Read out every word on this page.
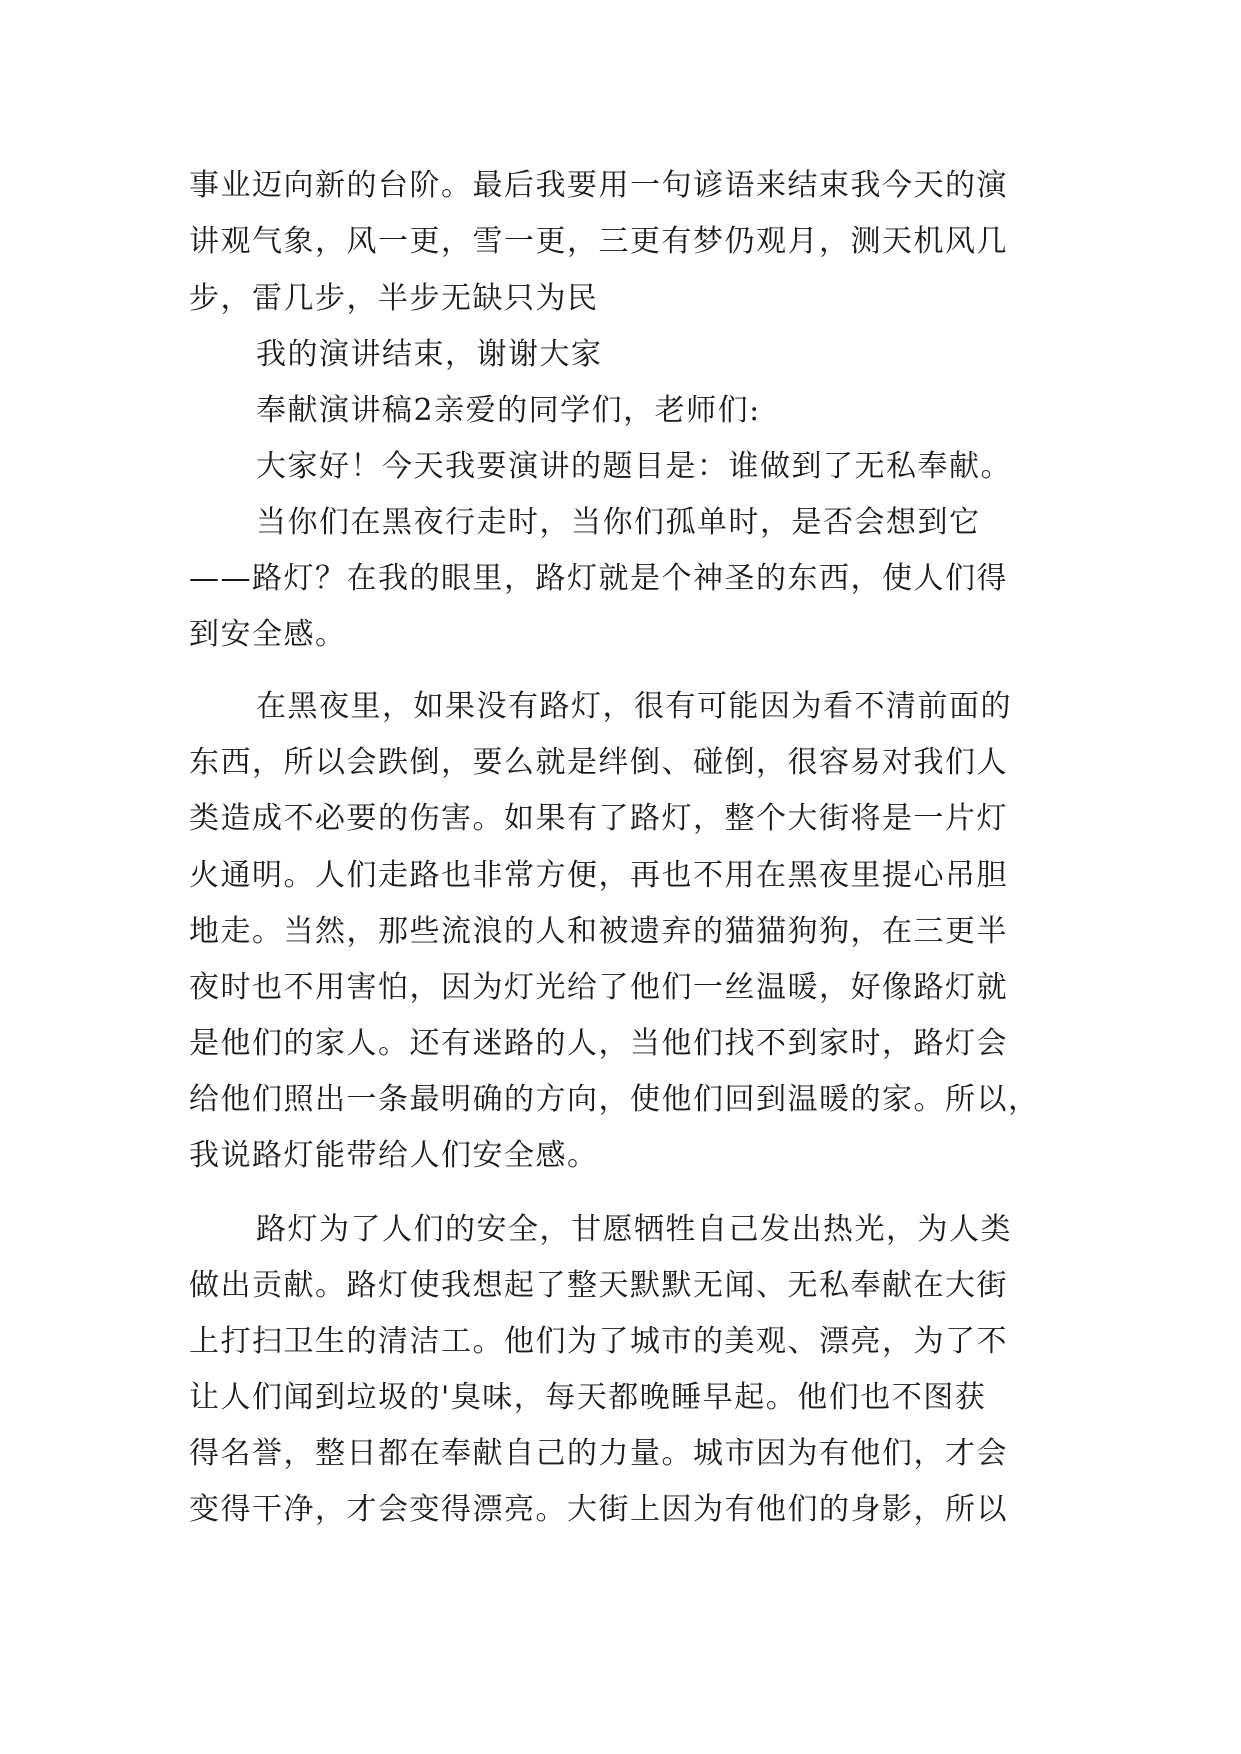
事业迈向新的台阶。最后我要用一句谚语来结束我今天的演
讲观气象，风一更，雪一更，三更有梦仍观月，测天机风几
步，雷几步，半步无缺只为民
我的演讲结束，谢谢大家
奉献演讲稿2亲爱的同学们，老师们:
大家好！今天我要演讲的题目是：谁做到了无私奉献。
当你们在黑夜行走时，当你们孤单时，是否会想到它
——路灯？在我的眼里，路灯就是个神圣的东西，使人们得
到安全感。
在黑夜里，如果没有路灯，很有可能因为看不清前面的
东西，所以会跌倒，要么就是绊倒、碰倒，很容易对我们人
类造成不必要的伤害。如果有了路灯，整个大街将是一片灯
火通明。人们走路也非常方便，再也不用在黑夜里提心吊胆
地走。当然，那些流浪的人和被遗弃的猫猫狗狗，在三更半
夜时也不用害怕，因为灯光给了他们一丝温暖，好像路灯就
是他们的家人。还有迷路的人，当他们找不到家时，路灯会
给他们照出一条最明确的方向，使他们回到温暖的家。所以，
我说路灯能带给人们安全感。
路灯为了人们的安全，甘愿牺牲自己发出热光，为人类
做出贡献。路灯使我想起了整天默默无闻、无私奉献在大街
上打扫卫生的清洁工。他们为了城市的美观、漂亮，为了不
让人们闻到垃圾的'臭味，每天都晚睡早起。他们也不图获
得名誉，整日都在奉献自己的力量。城市因为有他们，才会
变得干净，才会变得漂亮。大街上因为有他们的身影，所以
